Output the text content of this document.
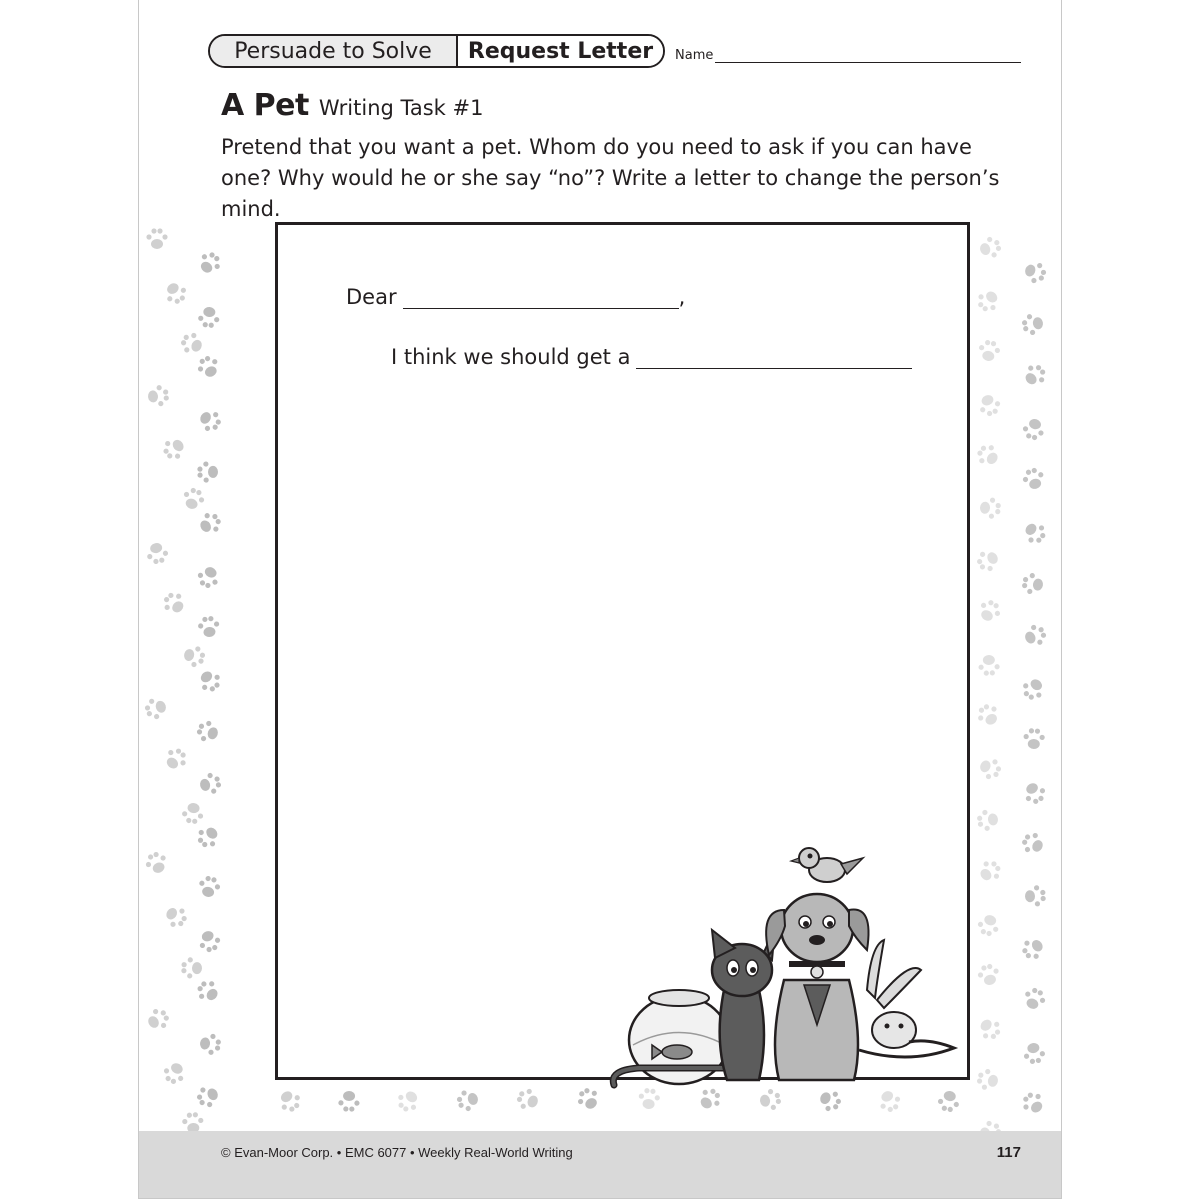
Persuade to Solve	Request Letter	Name
A Pet Writing Task #1
Pretend that you want a pet. Whom do you need to ask if you can have one? Why would he or she say “no”? Write a letter to change the person’s mind.
Dear	,
I think we should get a
© Evan-Moor Corp. • EMC 6077 • Weekly Real-World Writing	117
